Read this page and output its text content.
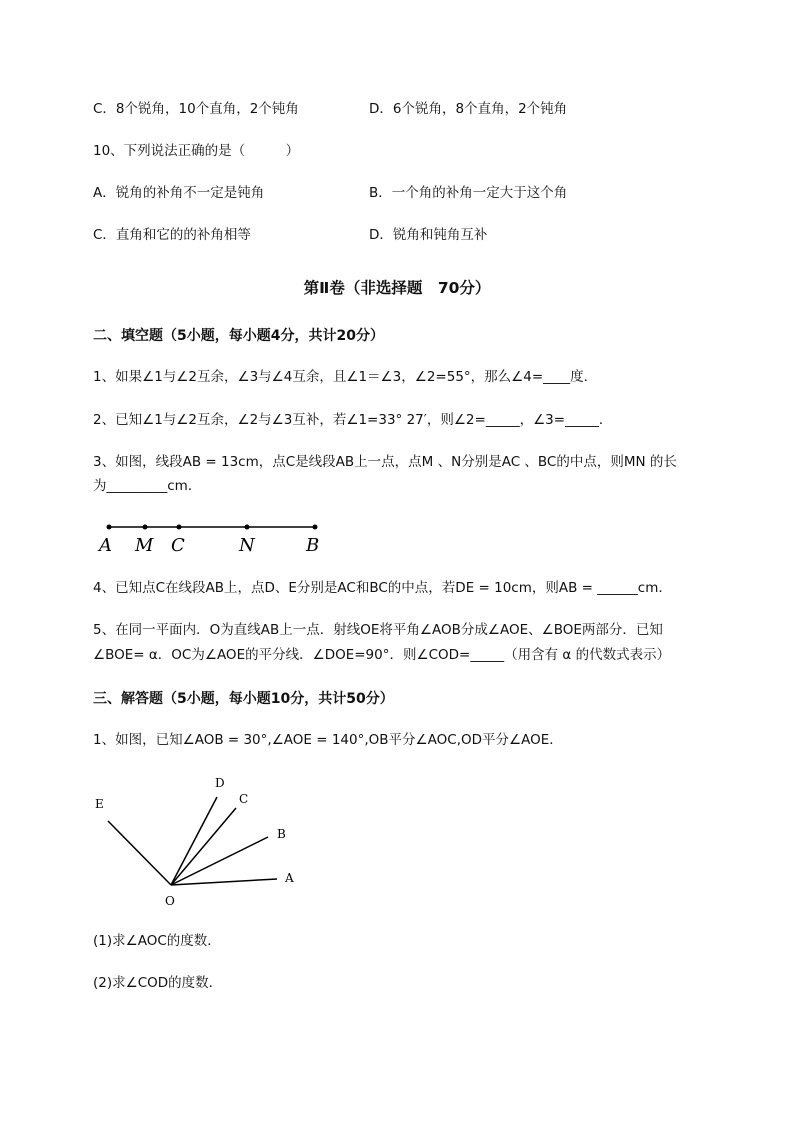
C．8个锐角，10个直角，2个钝角	D．6个锐角，8个直角，2个钝角
10、下列说法正确的是（　　　）
A．锐角的补角不一定是钝角	B．一个角的补角一定大于这个角
C．直角和它的的补角相等	D．锐角和钝角互补
第Ⅱ卷（非选择题　70分）
二、填空题（5小题，每小题4分，共计20分）
1、如果∠1与∠2互余，∠3与∠4互余，且∠1＝∠3，∠2=55°，那么∠4=____度．
2、已知∠1与∠2互余，∠2与∠3互补，若∠1=33° 27′，则∠2=_____，∠3=_____．
3、如图，线段AB = 13cm，点C是线段AB上一点，点M 、N分别是AC 、BC的中点，则MN 的长
为_________cm．
A M C	N	B
4、已知点C在线段AB上，点D、E分别是AC和BC的中点，若DE = 10cm，则AB = ______cm.
5、在同一平面内．O为直线AB上一点．射线OE将平角∠AOB分成∠AOE、∠BOE两部分．已知
∠BOE= α．OC为∠AOE的平分线．∠DOE=90°．则∠COD=_____（用含有 α 的代数式表示）
三、解答题（5小题，每小题10分，共计50分）
1、如图，已知∠AOB = 30°,∠AOE = 140°,OB平分∠AOC,OD平分∠AOE．
E
D
C
B
A
O
(1)求∠AOC的度数．
(2)求∠COD的度数．
